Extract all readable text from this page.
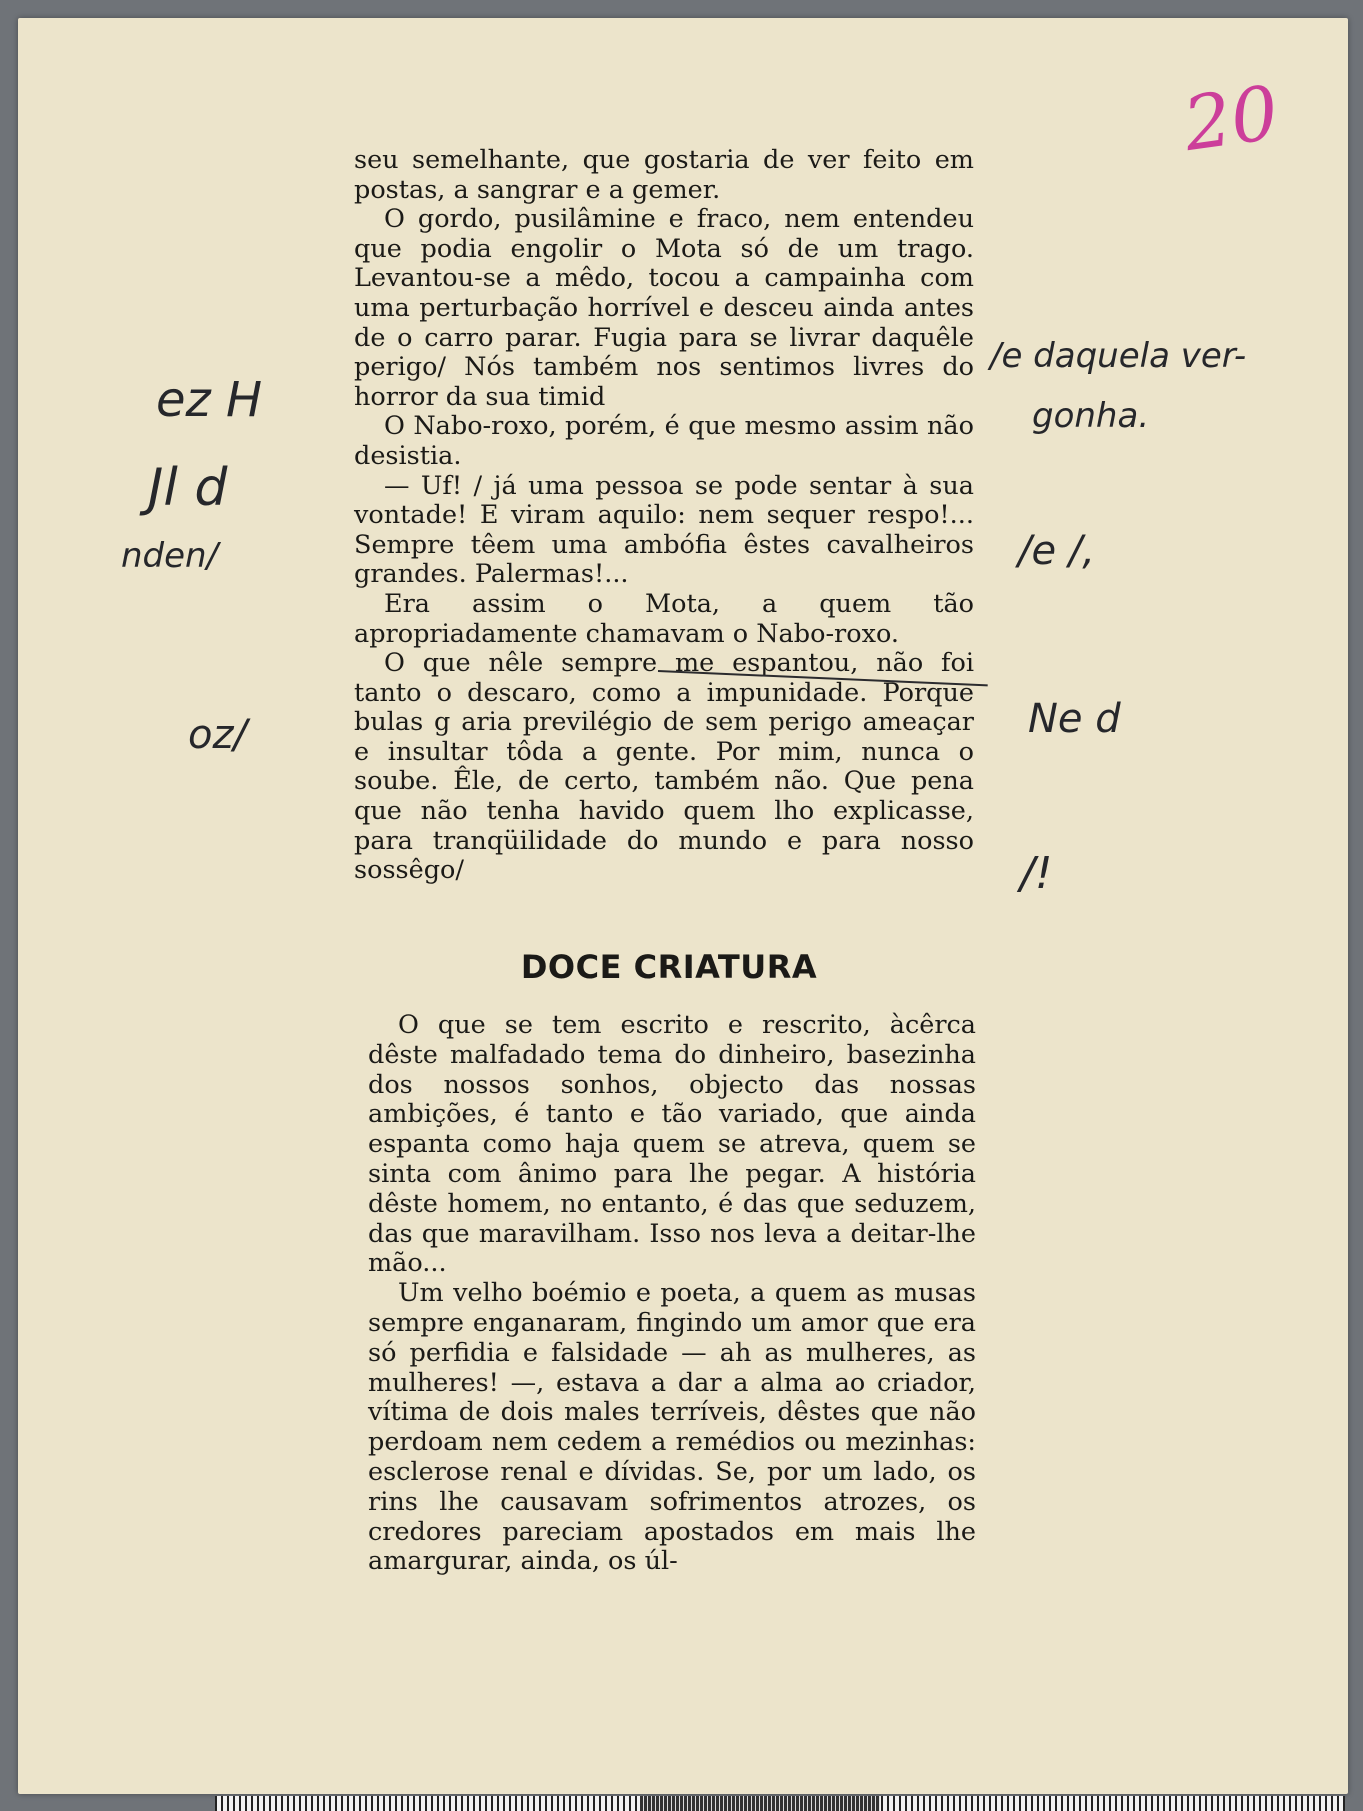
20

seu semelhante, que gostaria de ver feito em postas, a sangrar e a gemer.

O gordo, pusilâmine e fraco, nem entendeu que podia engolir o Mota só de um trago. Levantou-se a mêdo, tocou a campainha com uma perturbação horrível e desceu ainda antes de o carro parar. Fugia para se livrar daquêle perigo/ Nós também nos sentimos livres do horror da sua timid

O Nabo-roxo, porém, é que mesmo assim não desistia.

— Uf! / já uma pessoa se pode sentar à sua vontade! E viram aquilo: nem sequer respo!... Sempre têem uma ambófia êstes cavalheiros grandes. Palermas!...

Era assim o Mota, a quem tão apropriadamente chamavam o Nabo-roxo.

O que nêle sempre me espantou, não foi tanto o descaro, como a impunidade. Porque bulas g aria previlégio de sem perigo ameaçar e insultar tôda a gente. Por mim, nunca o soube. Êle, de certo, também não. Que pena que não tenha havido quem lho explicasse, para tranqüilidade do mundo e para nosso sossêgo/

DOCE CRIATURA

O que se tem escrito e rescrito, àcêrca dêste malfadado tema do dinheiro, basezinha dos nossos sonhos, objecto das nossas ambições, é tanto e tão variado, que ainda espanta como haja quem se atreva, quem se sinta com ânimo para lhe pegar. A história dêste homem, no entanto, é das que seduzem, das que maravilham. Isso nos leva a deitar-lhe mão...

Um velho boémio e poeta, a quem as musas sempre enganaram, fingindo um amor que era só perfidia e falsidade — ah as mulheres, as mulheres! —, estava a dar a alma ao criador, vítima de dois males terríveis, dêstes que não perdoam nem cedem a remédios ou mezinhas: esclerose renal e dívidas. Se, por um lado, os rins lhe causavam sofrimentos atrozes, os credores pareciam apostados em mais lhe amargurar, ainda, os úl-

ez H
Jl d
nden/
oz/
/e daquela ver-
gonha.
/e /,
Ne d
/!
